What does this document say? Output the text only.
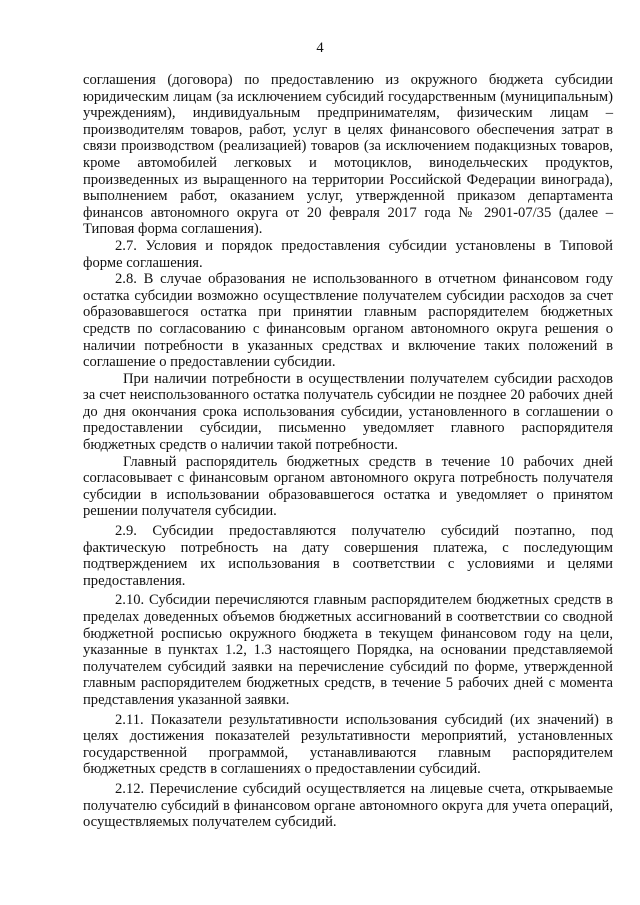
4

соглашения (договора) по предоставлению из окружного бюджета субсидии юридическим лицам (за исключением субсидий государственным (муниципальным) учреждениям), индивидуальным предпринимателям, физическим лицам – производителям товаров, работ, услуг в целях финансового обеспечения затрат в связи производством (реализацией) товаров (за исключением подакцизных товаров, кроме автомобилей легковых и мотоциклов, винодельческих продуктов, произведенных из выращенного на территории Российской Федерации винограда), выполнением работ, оказанием услуг, утвержденной приказом департамента финансов автономного округа от 20 февраля 2017 года № 2901-07/35 (далее – Типовая форма соглашения).

2.7. Условия и порядок предоставления субсидии установлены в Типовой форме соглашения.

2.8. В случае образования не использованного в отчетном финансовом году остатка субсидии возможно осуществление получателем субсидии расходов за счет образовавшегося остатка при принятии главным распорядителем бюджетных средств по согласованию с финансовым органом автономного округа решения о наличии потребности в указанных средствах и включение таких положений в соглашение о предоставлении субсидии.

При наличии потребности в осуществлении получателем субсидии расходов за счет неиспользованного остатка получатель субсидии не позднее 20 рабочих дней до дня окончания срока использования субсидии, установленного в соглашении о предоставлении субсидии, письменно уведомляет главного распорядителя бюджетных средств о наличии такой потребности.

Главный распорядитель бюджетных средств в течение 10 рабочих дней согласовывает с финансовым органом автономного округа потребность получателя субсидии в использовании образовавшегося остатка и уведомляет о принятом решении получателя субсидии.

2.9. Субсидии предоставляются получателю субсидий поэтапно, под фактическую потребность на дату совершения платежа, с последующим подтверждением их использования в соответствии с условиями и целями предоставления.

2.10. Субсидии перечисляются главным распорядителем бюджетных средств в пределах доведенных объемов бюджетных ассигнований в соответствии со сводной бюджетной росписью окружного бюджета в текущем финансовом году на цели, указанные в пунктах 1.2, 1.3 настоящего Порядка, на основании представляемой получателем субсидий заявки на перечисление субсидий по форме, утвержденной главным распорядителем бюджетных средств, в течение 5 рабочих дней с момента представления указанной заявки.

2.11. Показатели результативности использования субсидий (их значений) в целях достижения показателей результативности мероприятий, установленных государственной программой, устанавливаются главным распорядителем бюджетных средств в соглашениях о предоставлении субсидий.

2.12. Перечисление субсидий осуществляется на лицевые счета, открываемые получателю субсидий в финансовом органе автономного округа для учета операций, осуществляемых получателем субсидий.
